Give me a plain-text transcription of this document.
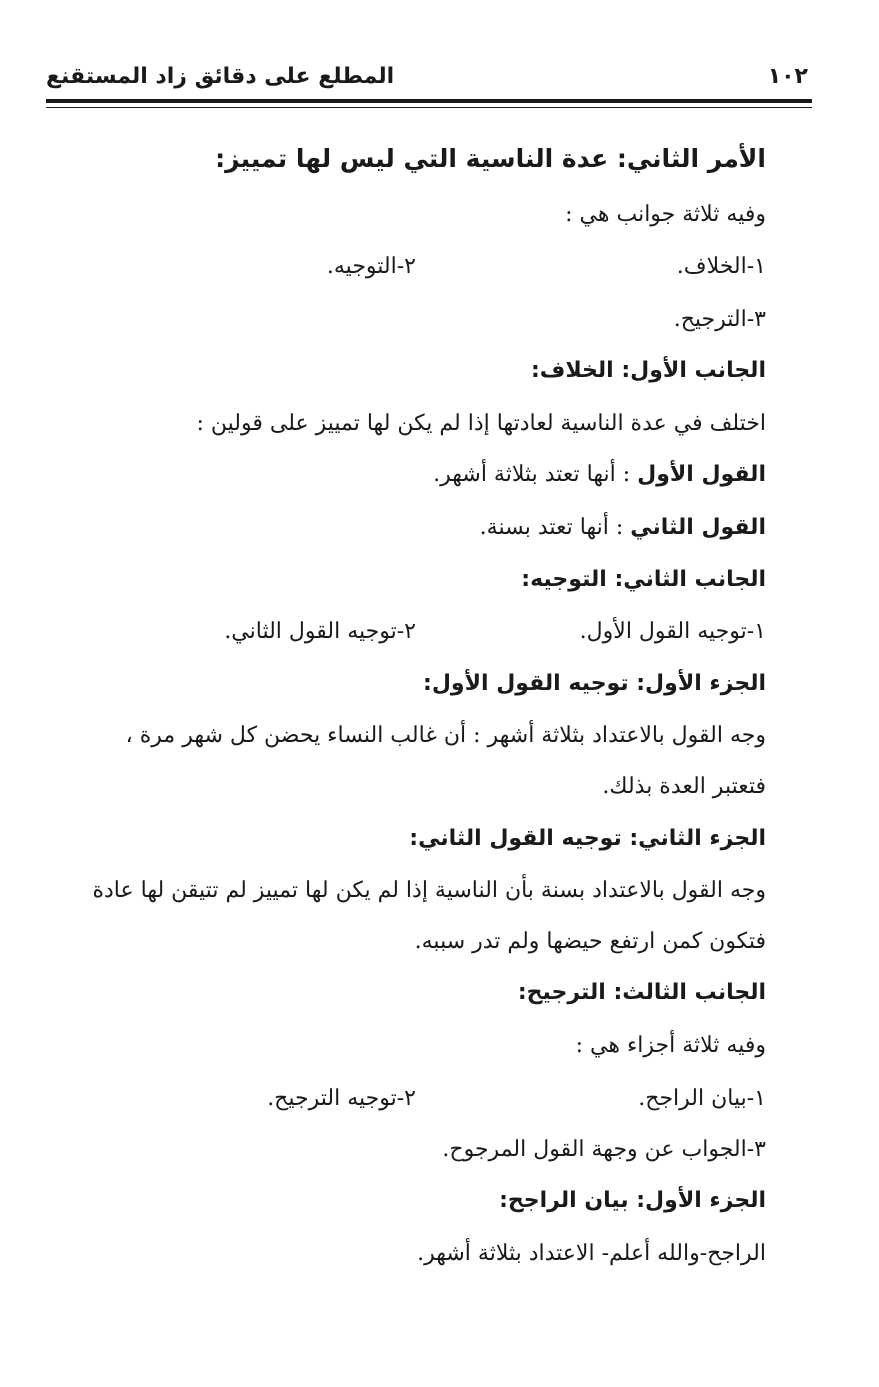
١٠٢
المطلع على دقائق زاد المستقنع
الأمر الثاني: عدة الناسية التي ليس لها تمييز:
وفيه ثلاثة جوانب هي :
١-الخلاف.
٢-التوجيه.
٣-الترجيح.
الجانب الأول: الخلاف:
اختلف في عدة الناسية لعادتها إذا لم يكن لها تمييز على قولين :
القول الأول : أنها تعتد بثلاثة أشهر.
القول الثاني : أنها تعتد بسنة.
الجانب الثاني: التوجيه:
١-توجيه القول الأول.
٢-توجيه القول الثاني.
الجزء الأول: توجيه القول الأول:
وجه القول بالاعتداد بثلاثة أشهر : أن غالب النساء يحضن كل شهر مرة ،
فتعتبر العدة بذلك.
الجزء الثاني: توجيه القول الثاني:
وجه القول بالاعتداد بسنة بأن الناسية إذا لم يكن لها تمييز لم تتيقن لها عادة
فتكون كمن ارتفع حيضها ولم تدر سببه.
الجانب الثالث: الترجيح:
وفيه ثلاثة أجزاء هي :
١-بيان الراجح.
٢-توجيه الترجيح.
٣-الجواب عن وجهة القول المرجوح.
الجزء الأول: بيان الراجح:
الراجح-والله أعلم- الاعتداد بثلاثة أشهر.
